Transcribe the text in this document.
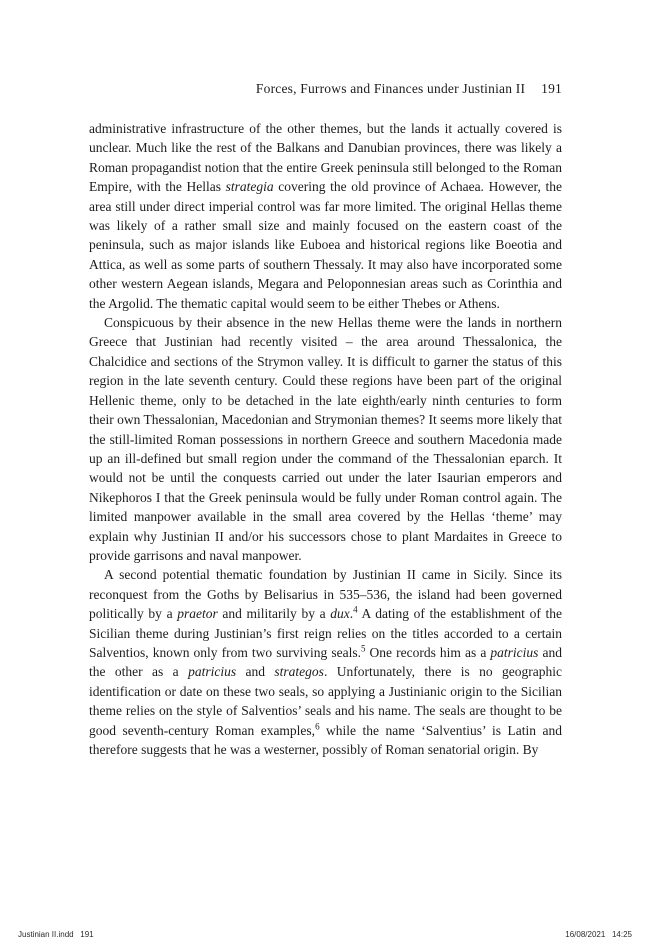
Forces, Furrows and Finances under Justinian II 191

administrative infrastructure of the other themes, but the lands it actually covered is unclear. Much like the rest of the Balkans and Danubian provinces, there was likely a Roman propagandist notion that the entire Greek peninsula still belonged to the Roman Empire, with the Hellas strategia covering the old province of Achaea. However, the area still under direct imperial control was far more limited. The original Hellas theme was likely of a rather small size and mainly focused on the eastern coast of the peninsula, such as major islands like Euboea and historical regions like Boeotia and Attica, as well as some parts of southern Thessaly. It may also have incorporated some other western Aegean islands, Megara and Peloponnesian areas such as Corinthia and the Argolid. The thematic capital would seem to be either Thebes or Athens.

Conspicuous by their absence in the new Hellas theme were the lands in northern Greece that Justinian had recently visited – the area around Thessalonica, the Chalcidice and sections of the Strymon valley. It is difficult to garner the status of this region in the late seventh century. Could these regions have been part of the original Hellenic theme, only to be detached in the late eighth/early ninth centuries to form their own Thessalonian, Macedonian and Strymonian themes? It seems more likely that the still-limited Roman possessions in northern Greece and southern Macedonia made up an ill-defined but small region under the command of the Thessalonian eparch. It would not be until the conquests carried out under the later Isaurian emperors and Nikephoros I that the Greek peninsula would be fully under Roman control again. The limited manpower available in the small area covered by the Hellas ‘theme’ may explain why Justinian II and/or his successors chose to plant Mardaites in Greece to provide garrisons and naval manpower.

A second potential thematic foundation by Justinian II came in Sicily. Since its reconquest from the Goths by Belisarius in 535–536, the island had been governed politically by a praetor and militarily by a dux.$^4$ A dating of the establishment of the Sicilian theme during Justinian’s first reign relies on the titles accorded to a certain Salventios, known only from two surviving seals.$^5$ One records him as a patricius and the other as a patricius and strategos. Unfortunately, there is no geographic identification or date on these two seals, so applying a Justinianic origin to the Sicilian theme relies on the style of Salventios’ seals and his name. The seals are thought to be good seventh-century Roman examples,$^6$ while the name ‘Salventius’ is Latin and therefore suggests that he was a westerner, possibly of Roman senatorial origin. By

Justinian II.indd   191	16/08/2021   14:25
